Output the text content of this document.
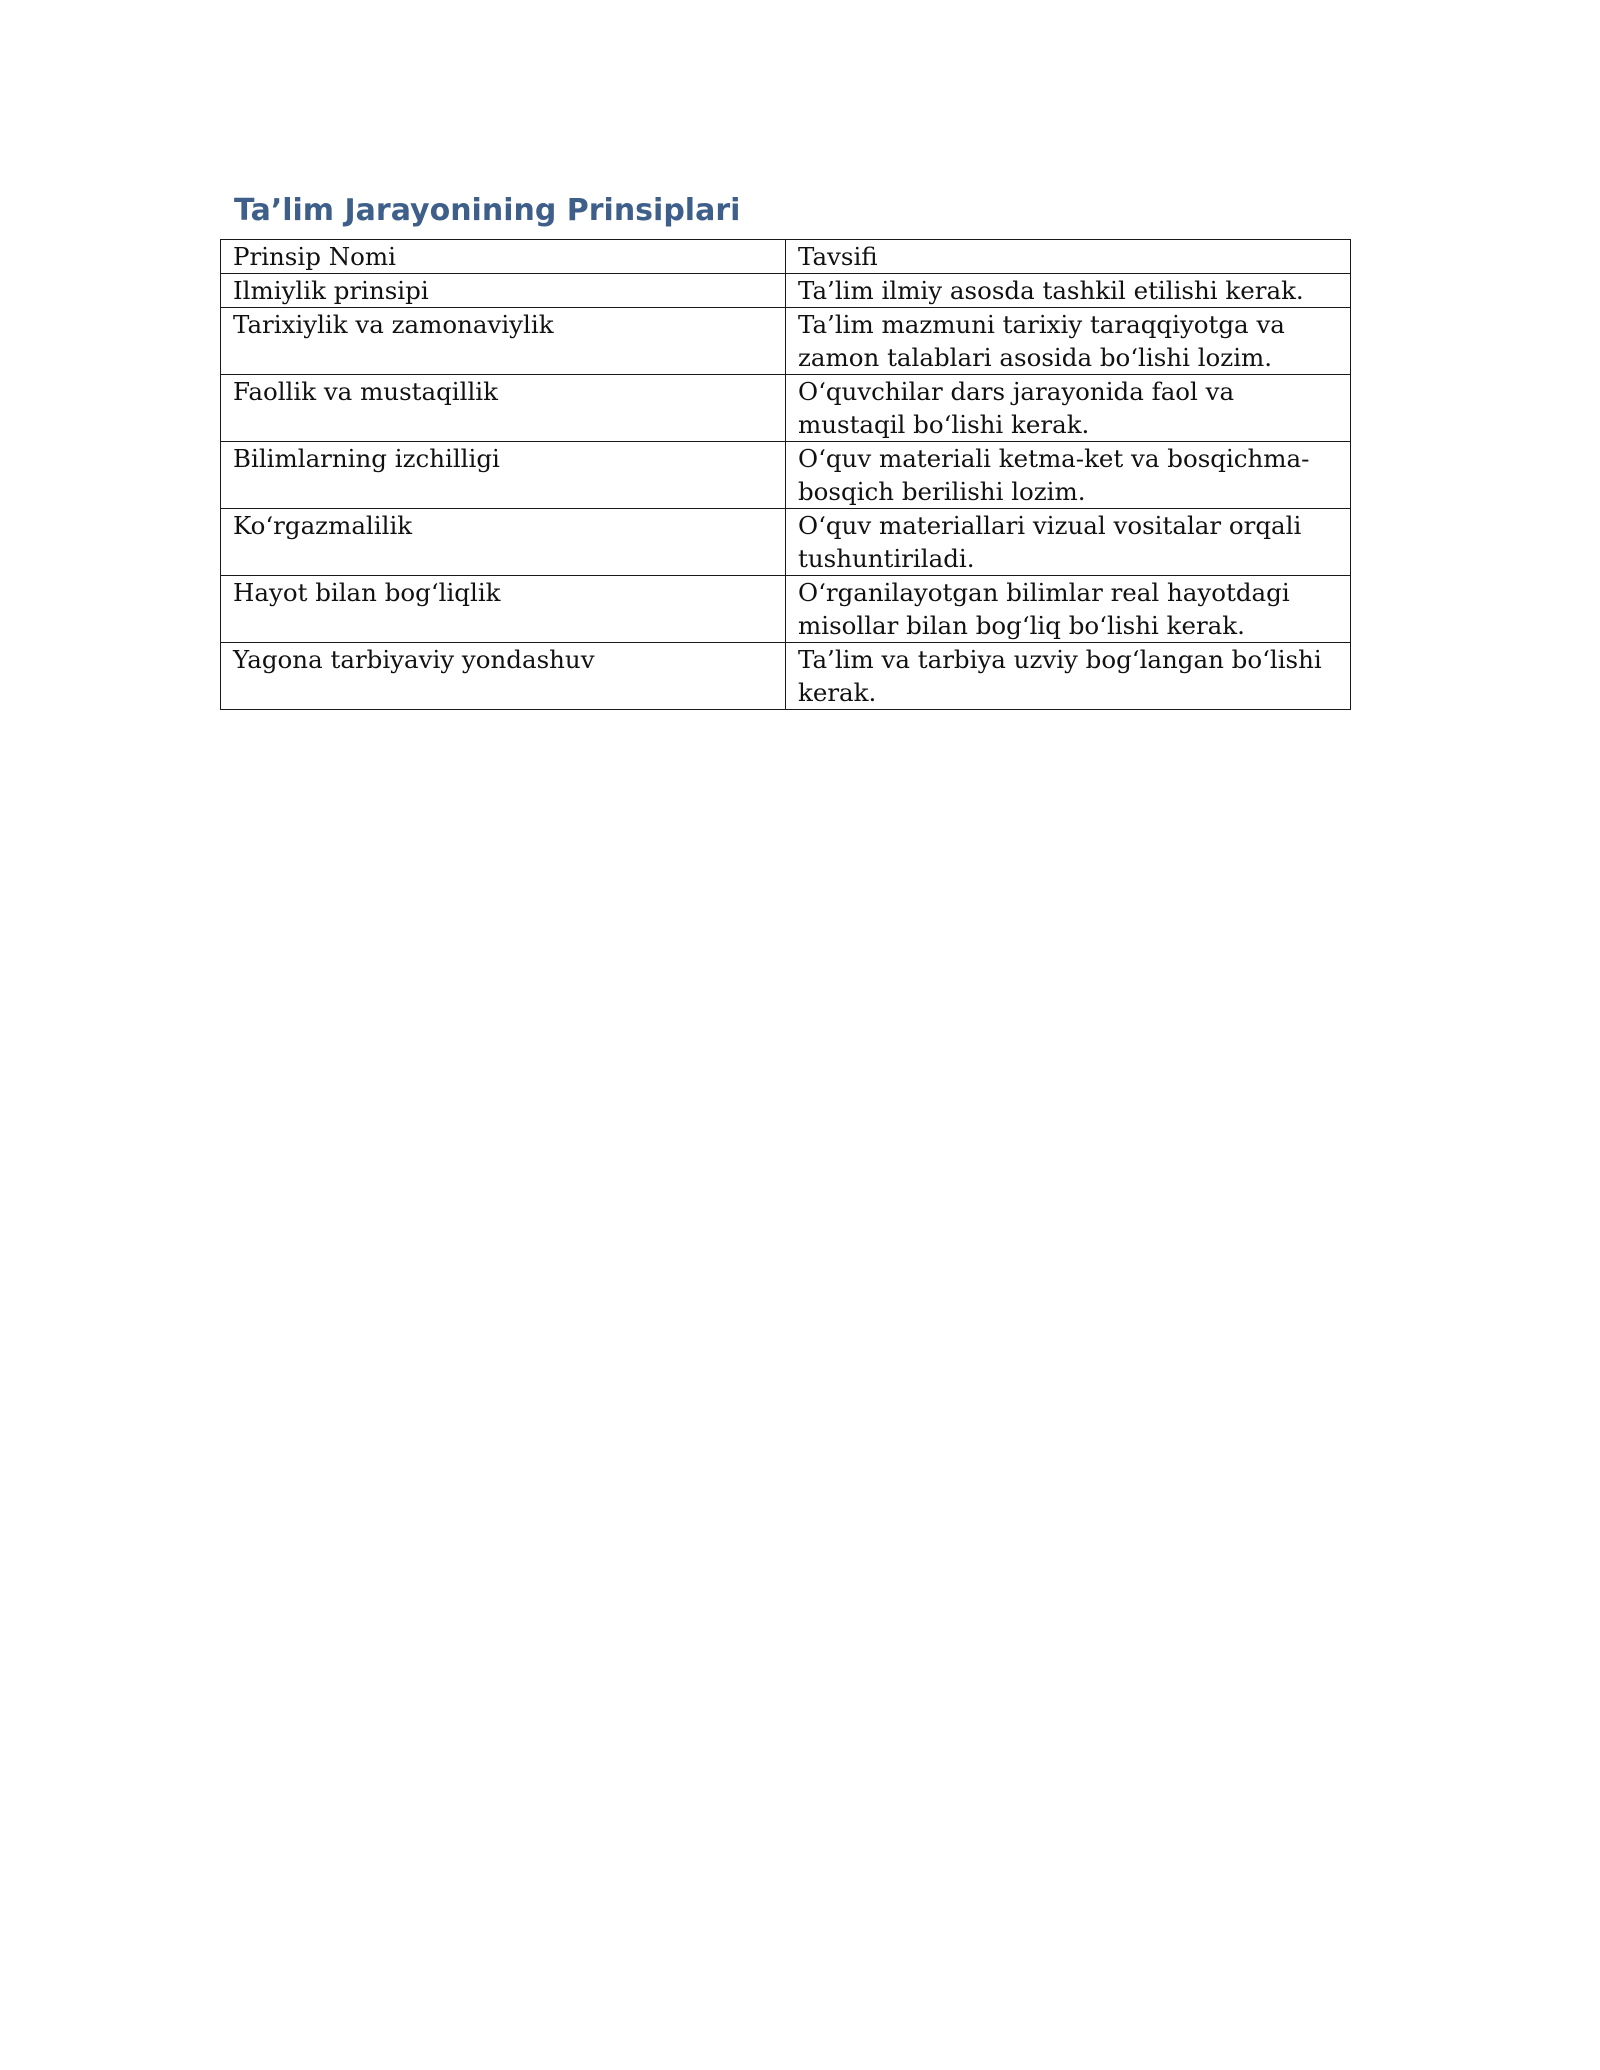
Ta’lim Jarayonining Prinsiplari
Prinsip Nomi	Tavsifi
Ilmiylik prinsipi	Ta’lim ilmiy asosda tashkil etilishi kerak.
Tarixiylik va zamonaviylik	Ta’lim mazmuni tarixiy taraqqiyotga va zamon talablari asosida bo‘lishi lozim.
Faollik va mustaqillik	O‘quvchilar dars jarayonida faol va mustaqil bo‘lishi kerak.
Bilimlarning izchilligi	O‘quv materiali ketma-ket va bosqichma-bosqich berilishi lozim.
Ko‘rgazmalilik	O‘quv materiallari vizual vositalar orqali tushuntiriladi.
Hayot bilan bog‘liqlik	O‘rganilayotgan bilimlar real hayotdagi misollar bilan bog‘liq bo‘lishi kerak.
Yagona tarbiyaviy yondashuv	Ta’lim va tarbiya uzviy bog‘langan bo‘lishi kerak.
